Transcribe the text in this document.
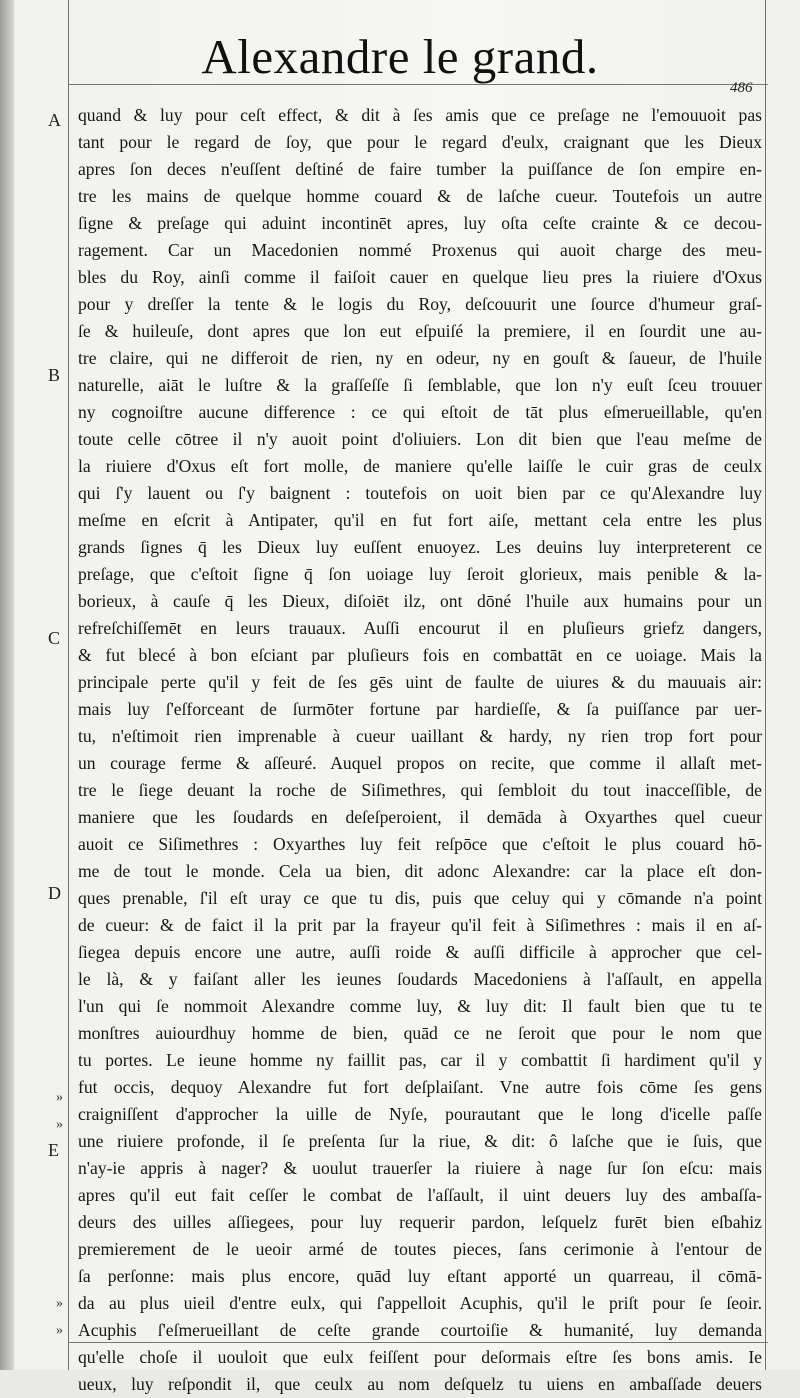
Alexandre le grand.
486
A
B
C
D
E
»
»
»
»
quand & luy pour ceſt effect, & dit à ſes amis que ce preſage ne l'emouuoit pas
tant pour le regard de ſoy, que pour le regard d'eulx, craignant que les Dieux
apres ſon deces n'euſſent deſtiné de faire tumber la puiſſance de ſon empire en-
tre les mains de quelque homme couard & de laſche cueur. Toutefois un autre
ſigne & preſage qui aduint incontinēt apres, luy oſta ceſte crainte & ce decou-
ragement. Car un Macedonien nommé Proxenus qui auoit charge des meu-
bles du Roy, ainſi comme il faiſoit cauer en quelque lieu pres la riuiere d'Oxus
pour y dreſſer la tente & le logis du Roy, deſcouurit une ſource d'humeur graſ-
ſe & huileuſe, dont apres que lon eut eſpuiſé la premiere, il en ſourdit une au-
tre claire, qui ne differoit de rien, ny en odeur, ny en gouſt & ſaueur, de l'huile
naturelle, aiāt le luſtre & la graſſeſſe ſi ſemblable, que lon n'y euſt ſceu trouuer
ny cognoiſtre aucune difference : ce qui eſtoit de tāt plus eſmerueillable, qu'en
toute celle cōtree il n'y auoit point d'oliuiers. Lon dit bien que l'eau meſme de
la riuiere d'Oxus eſt fort molle, de maniere qu'elle laiſſe le cuir gras de ceulx
qui ſ'y lauent ou ſ'y baignent : toutefois on uoit bien par ce qu'Alexandre luy
meſme en eſcrit à Antipater, qu'il en fut fort aiſe, mettant cela entre les plus
grands ſignes q̄ les Dieux luy euſſent enuoyez. Les deuins luy interpreterent ce
preſage, que c'eſtoit ſigne q̄ ſon uoiage luy ſeroit glorieux, mais penible & la-
borieux, à cauſe q̄ les Dieux, diſoiēt ilz, ont dōné l'huile aux humains pour un
refreſchiſſemēt en leurs trauaux. Auſſi encourut il en pluſieurs griefz dangers,
& fut blecé à bon eſciant par pluſieurs fois en combattāt en ce uoiage. Mais la
principale perte qu'il y feit de ſes gēs uint de faulte de uiures & du mauuais air:
mais luy ſ'eſforceant de ſurmōter fortune par hardieſſe, & ſa puiſſance par uer-
tu, n'eſtimoit rien imprenable à cueur uaillant & hardy, ny rien trop fort pour
un courage ferme & aſſeuré. Auquel propos on recite, que comme il allaſt met-
tre le ſiege deuant la roche de Siſimethres, qui ſembloit du tout inacceſſible, de
maniere que les ſoudards en deſeſperoient, il demāda à Oxyarthes quel cueur
auoit ce Siſimethres : Oxyarthes luy feit reſpōce que c'eſtoit le plus couard hō-
me de tout le monde. Cela ua bien, dit adonc Alexandre: car la place eſt don-
ques prenable, ſ'il eſt uray ce que tu dis, puis que celuy qui y cōmande n'a point
de cueur: & de faict il la prit par la frayeur qu'il feit à Siſimethres : mais il en aſ-
ſiegea depuis encore une autre, auſſi roide & auſſi difficile à approcher que cel-
le là, & y faiſant aller les ieunes ſoudards Macedoniens à l'aſſault, en appella
l'un qui ſe nommoit Alexandre comme luy, & luy dit: Il fault bien que tu te
monſtres auiourdhuy homme de bien, quād ce ne ſeroit que pour le nom que
tu portes. Le ieune homme ny faillit pas, car il y combattit ſi hardiment qu'il y
fut occis, dequoy Alexandre fut fort deſplaiſant. Vne autre fois cōme ſes gens
craigniſſent d'approcher la uille de Nyſe, pourautant que le long d'icelle paſſe
une riuiere profonde, il ſe preſenta ſur la riue, & dit: ô laſche que ie ſuis, que
n'ay-ie appris à nager? & uoulut trauerſer la riuiere à nage ſur ſon eſcu: mais
apres qu'il eut fait ceſſer le combat de l'aſſault, il uint deuers luy des ambaſſa-
deurs des uilles aſſiegees, pour luy requerir pardon, leſquelz furēt bien eſbahiz
premierement de le ueoir armé de toutes pieces, ſans cerimonie à l'entour de
ſa perſonne: mais plus encore, quād luy eſtant apporté un quarreau, il cōmā-
da au plus uieil d'entre eulx, qui ſ'appelloit Acuphis, qu'il le priſt pour ſe ſeoir.
Acuphis ſ'eſmerueillant de ceſte grande courtoiſie & humanité, luy demanda
qu'elle choſe il uouloit que eulx feiſſent pour deſormais eſtre ſes bons amis. Ie
ueux, luy reſpondit il, que ceulx au nom deſquelz tu uiens en ambaſſade deuers
